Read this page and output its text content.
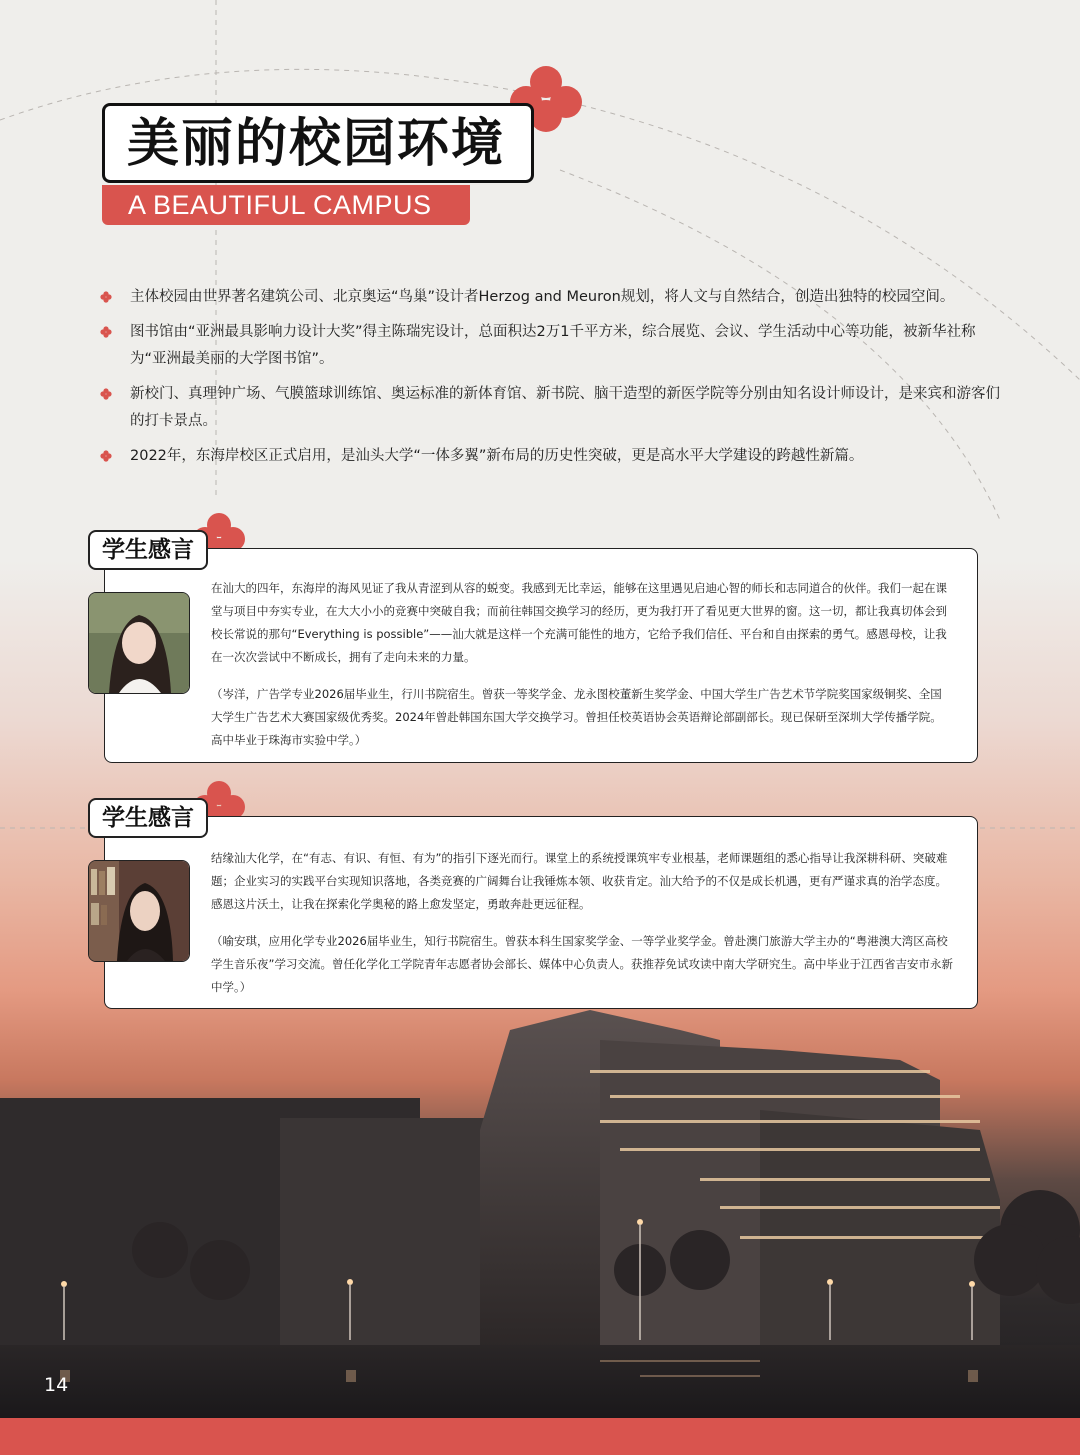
A BEAUTIFUL CAMPUS
美丽的校园环境
主体校园由世界著名建筑公司、北京奥运“鸟巢”设计者Herzog and Meuron规划，将人文与自然结合，创造出独特的校园空间。
图书馆由“亚洲最具影响力设计大奖”得主陈瑞宪设计，总面积达2万1千平方米，综合展览、会议、学生活动中心等功能，被新华社称为“亚洲最美丽的大学图书馆”。
新校门、真理钟广场、气膜篮球训练馆、奥运标准的新体育馆、新书院、脑干造型的新医学院等分别由知名设计师设计，是来宾和游客们的打卡景点。
2022年，东海岸校区正式启用，是汕头大学“一体多翼”新布局的历史性突破，更是高水平大学建设的跨越性新篇。

在汕大的四年，东海岸的海风见证了我从青涩到从容的蜕变。我感到无比幸运，能够在这里遇见启迪心智的师长和志同道合的伙伴。我们一起在课堂与项目中夯实专业，在大大小小的竞赛中突破自我；而前往韩国交换学习的经历，更为我打开了看见更大世界的窗。这一切，都让我真切体会到校长常说的那句“Everything is possible”——汕大就是这样一个充满可能性的地方，它给予我们信任、平台和自由探索的勇气。感恩母校，让我在一次次尝试中不断成长，拥有了走向未来的力量。

（岑洋，广告学专业2026届毕业生，行川书院宿生。曾获一等奖学金、龙永图校董新生奖学金、中国大学生广告艺术节学院奖国家级铜奖、全国大学生广告艺术大赛国家级优秀奖。2024年曾赴韩国东国大学交换学习。曾担任校英语协会英语辩论部副部长。现已保研至深圳大学传播学院。高中毕业于珠海市实验中学。）

学生感言

结缘汕大化学，在“有志、有识、有恒、有为”的指引下逐光而行。课堂上的系统授课筑牢专业根基，老师课题组的悉心指导让我深耕科研、突破难题；企业实习的实践平台实现知识落地，各类竞赛的广阔舞台让我锤炼本领、收获肯定。汕大给予的不仅是成长机遇，更有严谨求真的治学态度。感恩这片沃土，让我在探索化学奥秘的路上愈发坚定，勇敢奔赴更远征程。

（喻安琪，应用化学专业2026届毕业生，知行书院宿生。曾获本科生国家奖学金、一等学业奖学金。曾赴澳门旅游大学主办的“粤港澳大湾区高校学生音乐夜”学习交流。曾任化学化工学院青年志愿者协会部长、媒体中心负责人。获推荐免试攻读中南大学研究生。高中毕业于江西省吉安市永新中学。）

学生感言
14
